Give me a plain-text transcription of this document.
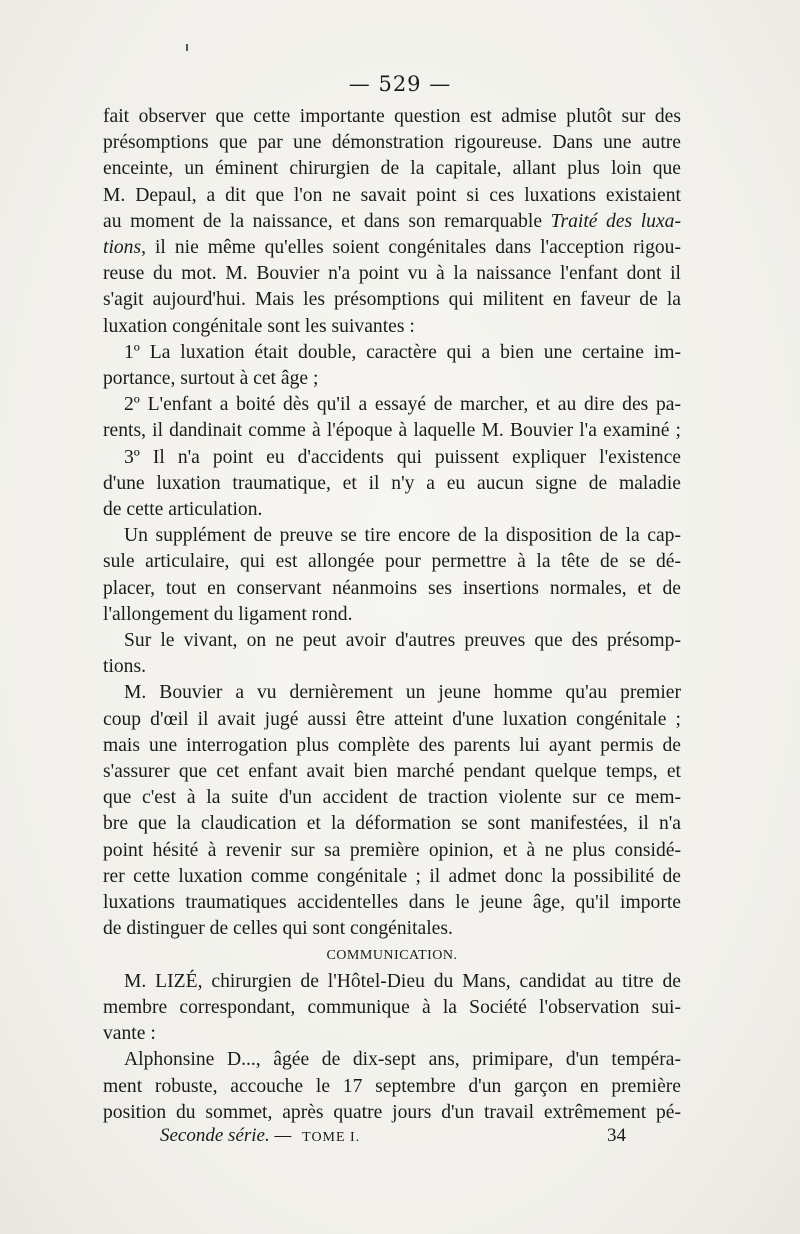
— 529 —
fait observer que cette importante question est admise plutôt sur des
présomptions que par une démonstration rigoureuse. Dans une autre
enceinte, un éminent chirurgien de la capitale, allant plus loin que
M. Depaul, a dit que l'on ne savait point si ces luxations existaient
au moment de la naissance, et dans son remarquable Traité des luxa-
tions, il nie même qu'elles soient congénitales dans l'acception rigou-
reuse du mot. M. Bouvier n'a point vu à la naissance l'enfant dont il
s'agit aujourd'hui. Mais les présomptions qui militent en faveur de la
luxation congénitale sont les suivantes :
1º La luxation était double, caractère qui a bien une certaine im-
portance, surtout à cet âge ;
2º L'enfant a boité dès qu'il a essayé de marcher, et au dire des pa-
rents, il dandinait comme à l'époque à laquelle M. Bouvier l'a examiné ;
3º Il n'a point eu d'accidents qui puissent expliquer l'existence
d'une luxation traumatique, et il n'y a eu aucun signe de maladie
de cette articulation.
Un supplément de preuve se tire encore de la disposition de la cap-
sule articulaire, qui est allongée pour permettre à la tête de se dé-
placer, tout en conservant néanmoins ses insertions normales, et de
l'allongement du ligament rond.
Sur le vivant, on ne peut avoir d'autres preuves que des présomp-
tions.
M. Bouvier a vu dernièrement un jeune homme qu'au premier
coup d'œil il avait jugé aussi être atteint d'une luxation congénitale ;
mais une interrogation plus complète des parents lui ayant permis de
s'assurer que cet enfant avait bien marché pendant quelque temps, et
que c'est à la suite d'un accident de traction violente sur ce mem-
bre que la claudication et la déformation se sont manifestées, il n'a
point hésité à revenir sur sa première opinion, et à ne plus considé-
rer cette luxation comme congénitale ; il admet donc la possibilité de
luxations traumatiques accidentelles dans le jeune âge, qu'il importe
de distinguer de celles qui sont congénitales.
COMMUNICATION.
M. LIZÉ, chirurgien de l'Hôtel-Dieu du Mans, candidat au titre de
membre correspondant, communique à la Société l'observation sui-
vante :
Alphonsine D..., âgée de dix-sept ans, primipare, d'un tempéra-
ment robuste, accouche le 17 septembre d'un garçon en première
position du sommet, après quatre jours d'un travail extrêmement pé-
Seconde série. — TOME I.	34
